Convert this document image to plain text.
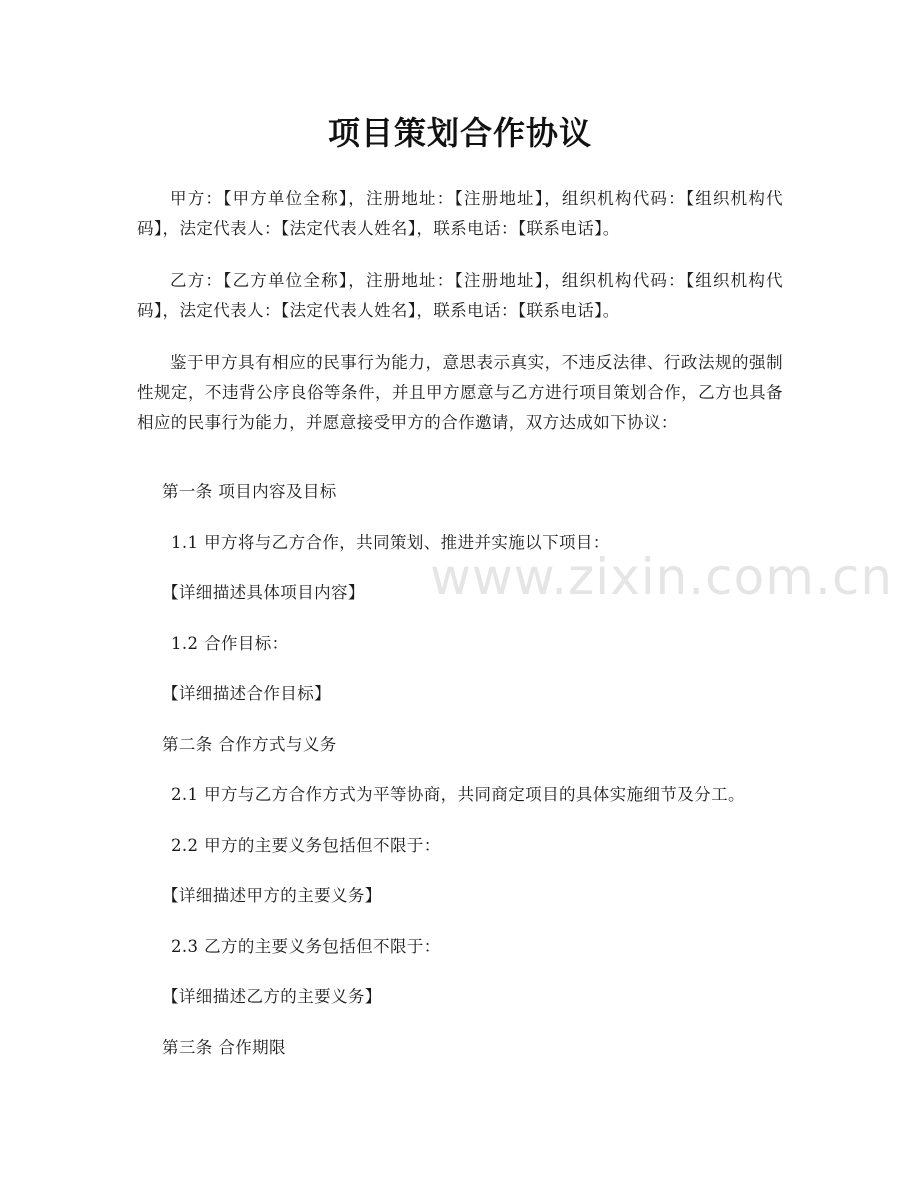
项目策划合作协议

甲方：【甲方单位全称】，注册地址：【注册地址】，组织机构代码：【组织机构代码】，法定代表人：【法定代表人姓名】，联系电话：【联系电话】。

乙方：【乙方单位全称】，注册地址：【注册地址】，组织机构代码：【组织机构代码】，法定代表人：【法定代表人姓名】，联系电话：【联系电话】。

鉴于甲方具有相应的民事行为能力，意思表示真实，不违反法律、行政法规的强制性规定，不违背公序良俗等条件，并且甲方愿意与乙方进行项目策划合作，乙方也具备相应的民事行为能力，并愿意接受甲方的合作邀请，双方达成如下协议：

第一条 项目内容及目标
1.1 甲方将与乙方合作，共同策划、推进并实施以下项目：
【详细描述具体项目内容】
1.2 合作目标：
【详细描述合作目标】
第二条 合作方式与义务
2.1 甲方与乙方合作方式为平等协商，共同商定项目的具体实施细节及分工。
2.2 甲方的主要义务包括但不限于：
【详细描述甲方的主要义务】
2.3 乙方的主要义务包括但不限于：
【详细描述乙方的主要义务】
第三条 合作期限
www.zixin.com.cn
